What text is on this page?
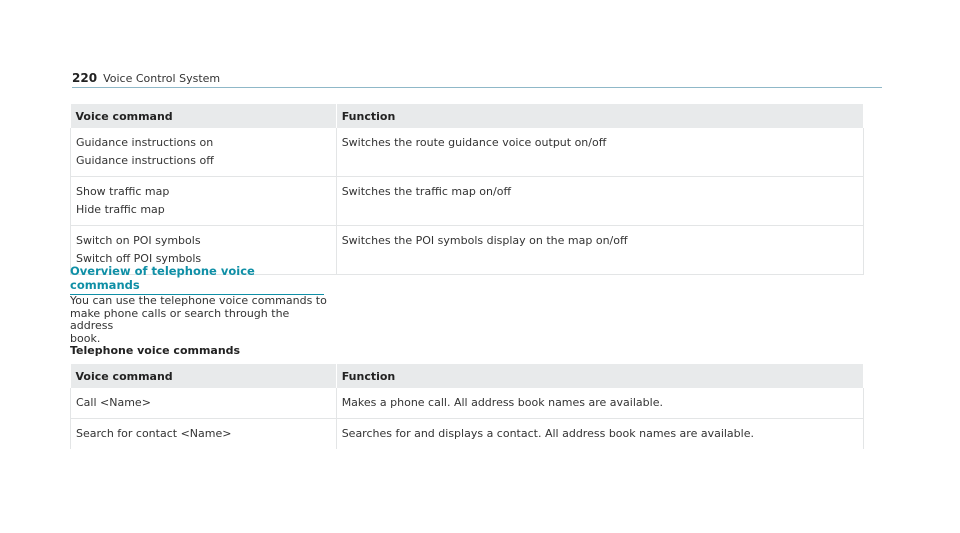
220 Voice Control System
Voice command	Function

Guidance instructions on
Guidance instructions off	Switches the route guidance voice output on/off

Show traffic map
Hide traffic map	Switches the traffic map on/off

Switch on POI symbols
Switch off POI symbols	Switches the POI symbols display on the map on/off
Overview of telephone voice commands
You can use the telephone voice commands to
make phone calls or search through the address
book.
Telephone voice commands
Voice command	Function
Call <Name>	Makes a phone call. All address book names are available.
Search for contact <Name>	Searches for and displays a contact. All address book names are available.
